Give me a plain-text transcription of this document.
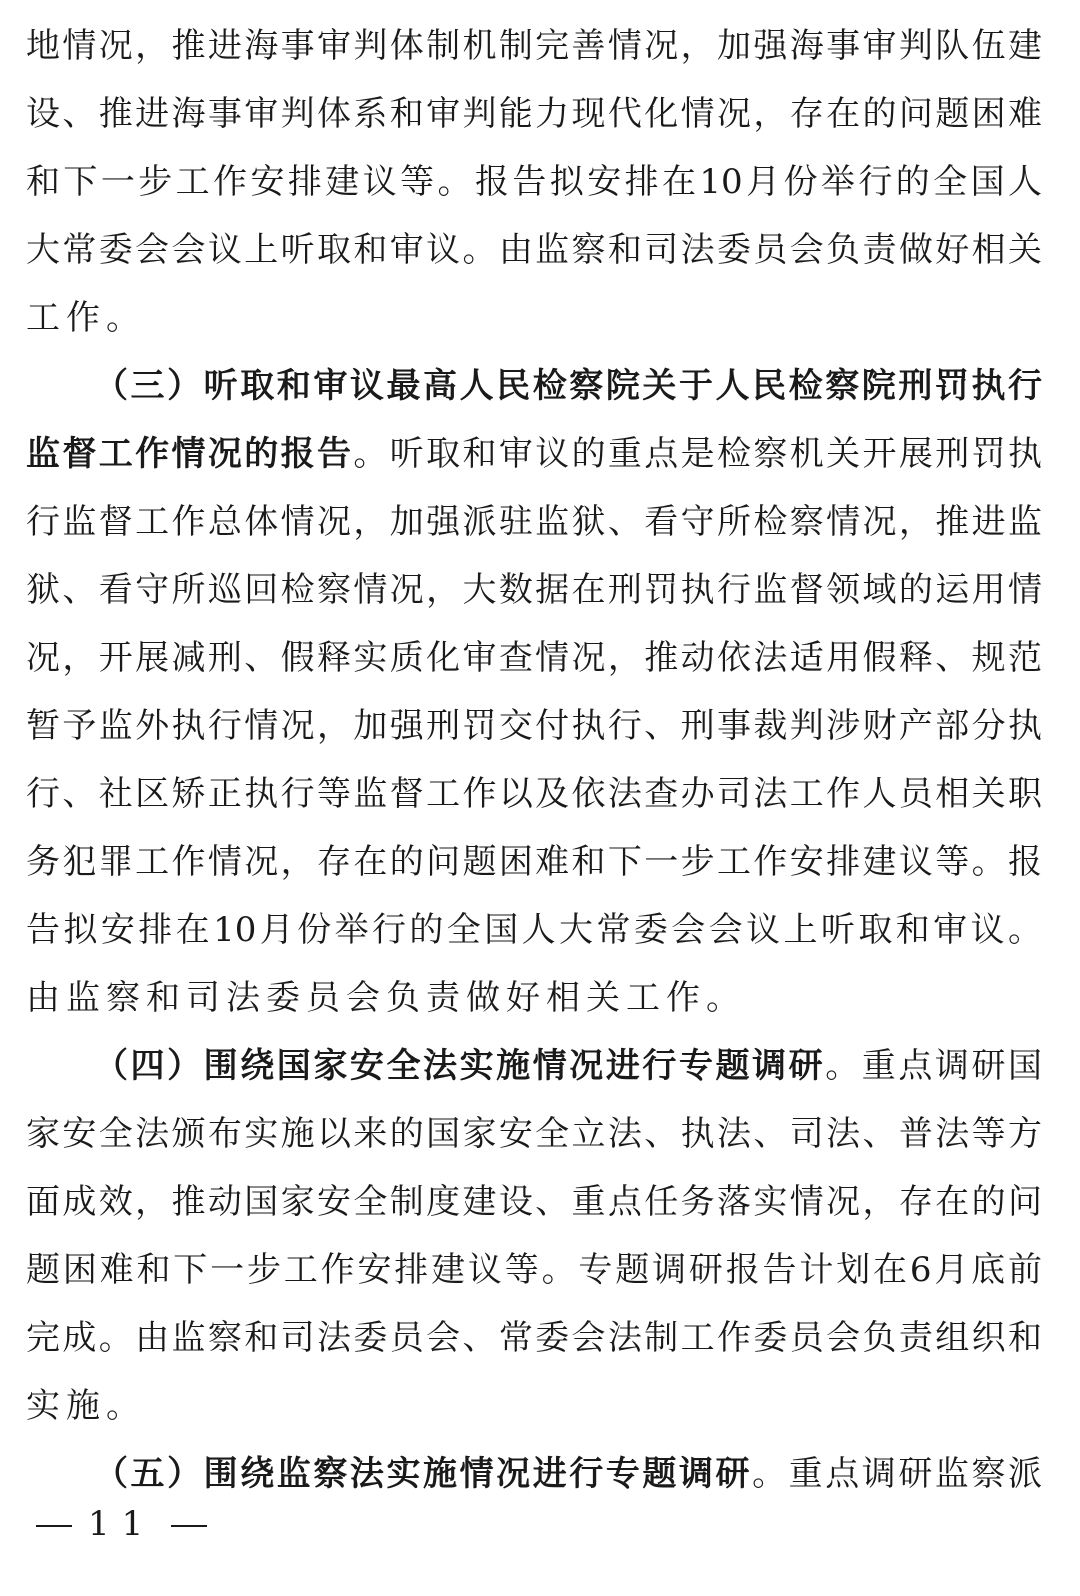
地情况，推进海事审判体制机制完善情况，加强海事审判队伍建
设、推进海事审判体系和审判能力现代化情况，存在的问题困难
和下一步工作安排建议等。报告拟安排在10月份举行的全国人
大常委会会议上听取和审议。由监察和司法委员会负责做好相关
工作。
（三）听取和审议最高人民检察院关于人民检察院刑罚执行
监督工作情况的报告。听取和审议的重点是检察机关开展刑罚执
行监督工作总体情况，加强派驻监狱、看守所检察情况，推进监
狱、看守所巡回检察情况，大数据在刑罚执行监督领域的运用情
况，开展减刑、假释实质化审查情况，推动依法适用假释、规范
暂予监外执行情况，加强刑罚交付执行、刑事裁判涉财产部分执
行、社区矫正执行等监督工作以及依法查办司法工作人员相关职
务犯罪工作情况，存在的问题困难和下一步工作安排建议等。报
告拟安排在10月份举行的全国人大常委会会议上听取和审议。
由监察和司法委员会负责做好相关工作。
（四）围绕国家安全法实施情况进行专题调研。重点调研国
家安全法颁布实施以来的国家安全立法、执法、司法、普法等方
面成效，推动国家安全制度建设、重点任务落实情况，存在的问
题困难和下一步工作安排建议等。专题调研报告计划在6月底前
完成。由监察和司法委员会、常委会法制工作委员会负责组织和
实施。
（五）围绕监察法实施情况进行专题调研。重点调研监察派
11
